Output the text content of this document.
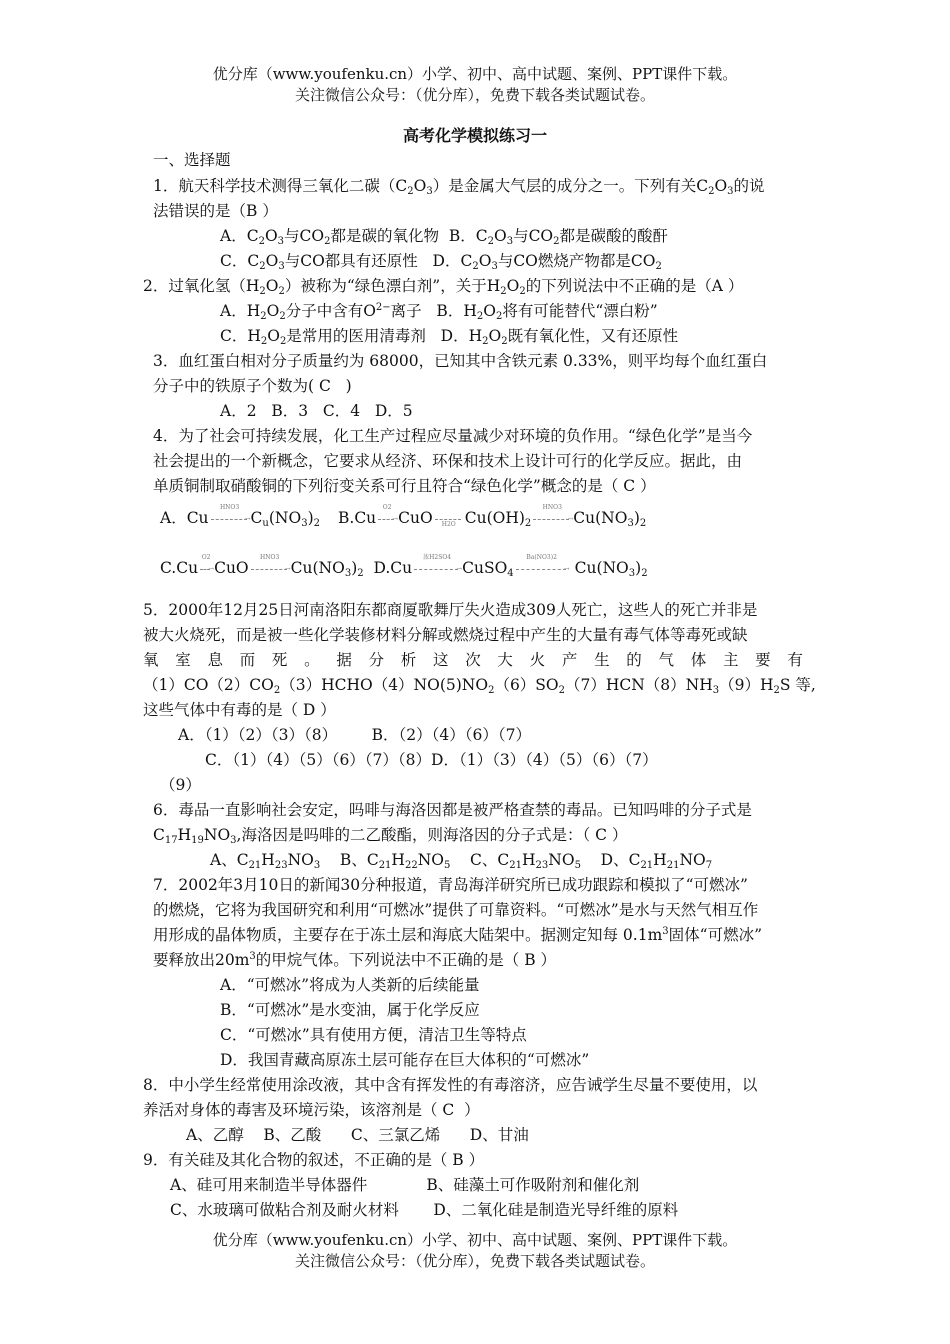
优分库（www.youfenku.cn）小学、初中、高中试题、案例、PPT课件下载。
关注微信公众号：（优分库），免费下载各类试题试卷。
高考化学模拟练习一
一、选择题
1．航天科学技术测得三氧化二碳$(C_2O_3)$是金属大气层的成分之一。下列有关$C_2O_3$的说
法错误的是（B ）
A．$C_2O_3$与$CO_2$都是碳的氧化物  B．$C_2O_3$与$CO_2$都是碳酸的酸酐
C．$C_2O_3$与CO都具有还原性   D．$C_2O_3$与CO燃烧产物都是$CO_2$
2．过氧化氢$(H_2O_2)$被称为“绿色漂白剂”，关于$H_2O_2$的下列说法中不正确的是（A ）
A．$H_2O_2$分子中含有$O^{2-}$离子   B．$H_2O_2$将有可能替代“漂白粉”
C．$H_2O_2$是常用的医用清毒剂   D．$H_2O_2$既有氧化性，又有还原性
3．血红蛋白相对分子质量约为 68000，已知其中含铁元素 0.33%，则平均每个血红蛋白
分子中的铁原子个数为( C   )
A．2   B．3   C．4   D．5
4．为了社会可持续发展，化工生产过程应尽量减少对环境的负作用。“绿色化学”是当今
社会提出的一个新概念，它要求从经济、环保和技术上设计可行的化学反应。据此，由
单质铜制取硝酸铜的下列衍变关系可行且符合“绿色化学”概念的是（ C ）
A．Cu
HNO3
→ $C_u(NO_3)_2$ B.Cu
O2
→ CuO	H2O $Cu(OH)_2$
HNO3
→ $Cu(NO_3)_2$
C.Cu
O2
→ CuO
HNO3
→ $Cu(NO_3)_2$  D.Cu
浓H2SO4
→ CuSO$_4$
Ba(NO3)2
→ $Cu(NO_3)_2$
5．2000年12月25日河南洛阳东都商厦歌舞厅失火造成309人死亡，这些人的死亡并非是
被大火烧死，而是被一些化学装修材料分解或燃烧过程中产生的大量有毒气体等毒死或缺
氧 室 息 而 死 。 据 分 析 这 次 大 火 产 生 的 气 体 主 要 有
$(1)CO(2)CO_2(3)HCHO(4)NO(5)NO_2(6)SO_2(7)HCN(8)NH_3(9)H_2S$ 等,
这些气体中有毒的是（ D ）
A．（1）（2）（3）（8）       B．（2）（4）（6）（7）
C．（1）（4）（5）（6）（7）（8）D．（1）（3）（4）（5）（6）（7）
（9）
6．毒品一直影响社会安定，吗啡与海洛因都是被严格查禁的毒品。已知吗啡的分子式是
$C_{17}H_{19}NO_3$,海洛因是吗啡的二乙酸酯，则海洛因的分子式是：（ C ）
A、$C_{21}H_{23}NO_3$    B、$C_{21}H_{22}NO_5$    C、$C_{21}H_{23}NO_5$    D、$C_{21}H_{21}NO_7$
7．2002年3月10日的新闻30分种报道，青岛海洋研究所已成功跟踪和模拟了“可燃冰”
的燃烧，它将为我国研究和利用“可燃冰”提供了可靠资料。“可燃冰”是水与天然气相互作
用形成的晶体物质，主要存在于冻土层和海底大陆架中。据测定知每 $0.1m^3$固体“可燃冰”
要释放出$20m^3$的甲烷气体。下列说法中不正确的是（ B ）
A．“可燃冰”将成为人类新的后续能量
B．“可燃冰”是水变油，属于化学反应
C．“可燃冰”具有使用方便，清洁卫生等特点
D．我国青藏高原冻土层可能存在巨大体积的“可燃冰”
8．中小学生经常使用涂改液，其中含有挥发性的有毒溶济，应告诫学生尽量不要使用，以
养活对身体的毒害及环境污染，该溶剂是（ C  ）
A、乙醇    B、乙酸      C、三氯乙烯      D、甘油
9．有关硅及其化合物的叙述，不正确的是（ B ）
A、硅可用来制造半导体器件            B、硅藻土可作吸附剂和催化剂
C、水玻璃可做粘合剂及耐火材料       D、二氧化硅是制造光导纤维的原料
优分库（www.youfenku.cn）小学、初中、高中试题、案例、PPT课件下载。
关注微信公众号：（优分库），免费下载各类试题试卷。
